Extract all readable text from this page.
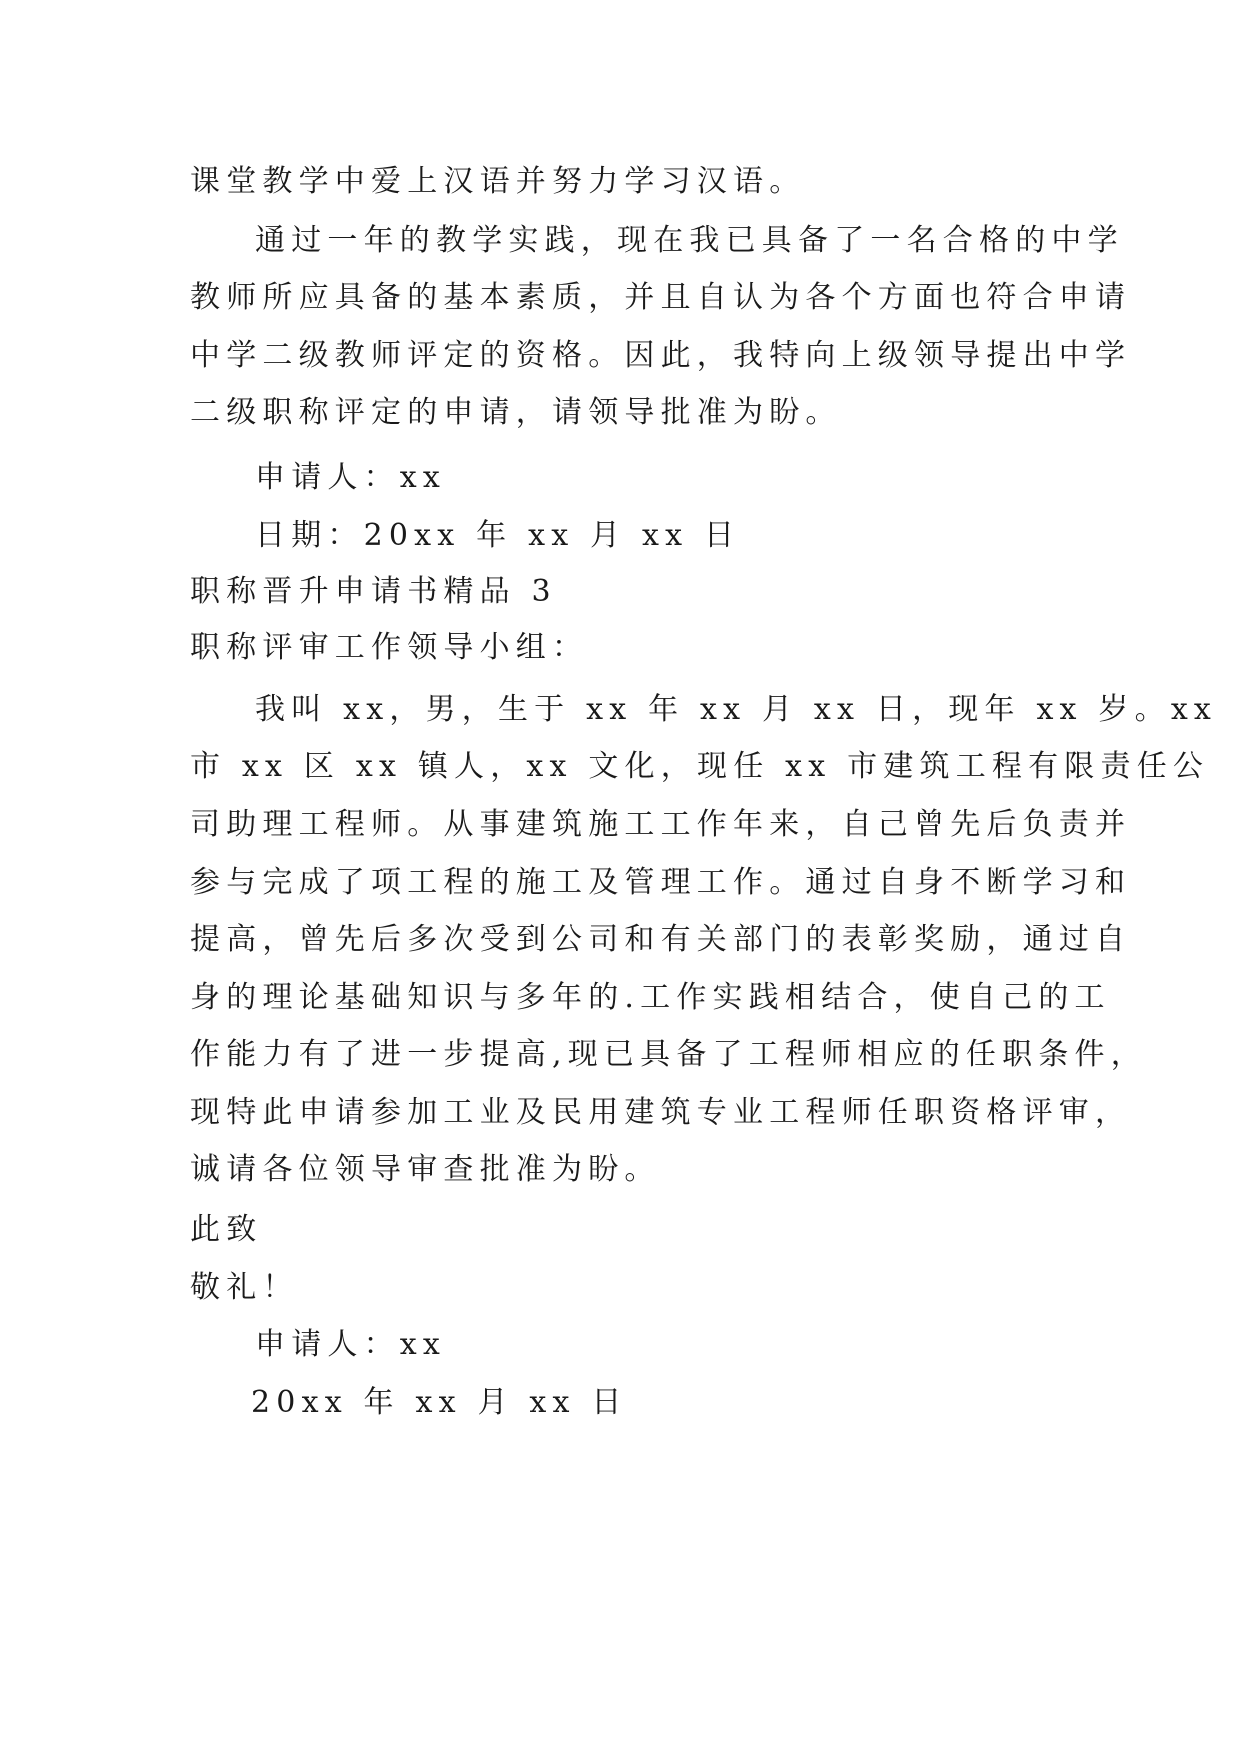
课堂教学中爱上汉语并努力学习汉语。
通过一年的教学实践，现在我已具备了一名合格的中学
教师所应具备的基本素质，并且自认为各个方面也符合申请
中学二级教师评定的资格。因此，我特向上级领导提出中学
二级职称评定的申请，请领导批准为盼。
申请人：xx
日期：20xx 年 xx 月 xx 日
职称晋升申请书精品 3
职称评审工作领导小组：
我叫 xx，男，生于 xx 年 xx 月 xx 日，现年 xx 岁。xx
市 xx 区 xx 镇人，xx 文化，现任 xx 市建筑工程有限责任公
司助理工程师。从事建筑施工工作年来，自己曾先后负责并
参与完成了项工程的施工及管理工作。通过自身不断学习和
提高，曾先后多次受到公司和有关部门的表彰奖励，通过自
身的理论基础知识与多年的.工作实践相结合，使自己的工
作能力有了进一步提高,现已具备了工程师相应的任职条件，
现特此申请参加工业及民用建筑专业工程师任职资格评审，
诚请各位领导审查批准为盼。
此致
敬礼！
申请人：xx
20xx 年 xx 月 xx 日
